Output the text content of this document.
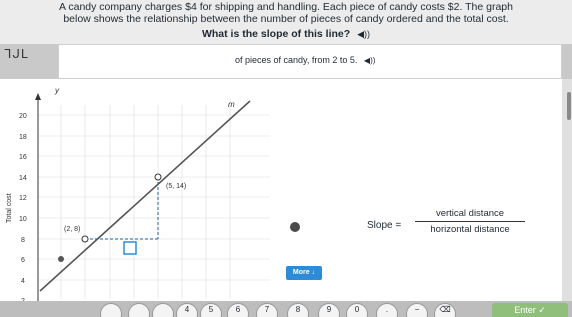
A candy company charges $4 for shipping and handling. Each piece of candy costs $2. The graph
below shows the relationship between the number of pieces of candy ordered and the total cost.
What is the slope of this line? ◀))
ᒣᒍᒪ	of pieces of candy, from 2 to 5. ◀))
y
Total cost
20
18
16
14
12
10
8
6
4
m
(2, 8)
(5, 14)
Slope =
vertical distance
horizontal distance
More ↓
4	5	6	7	8	9	0	.	−	⌫	Enter ✓
